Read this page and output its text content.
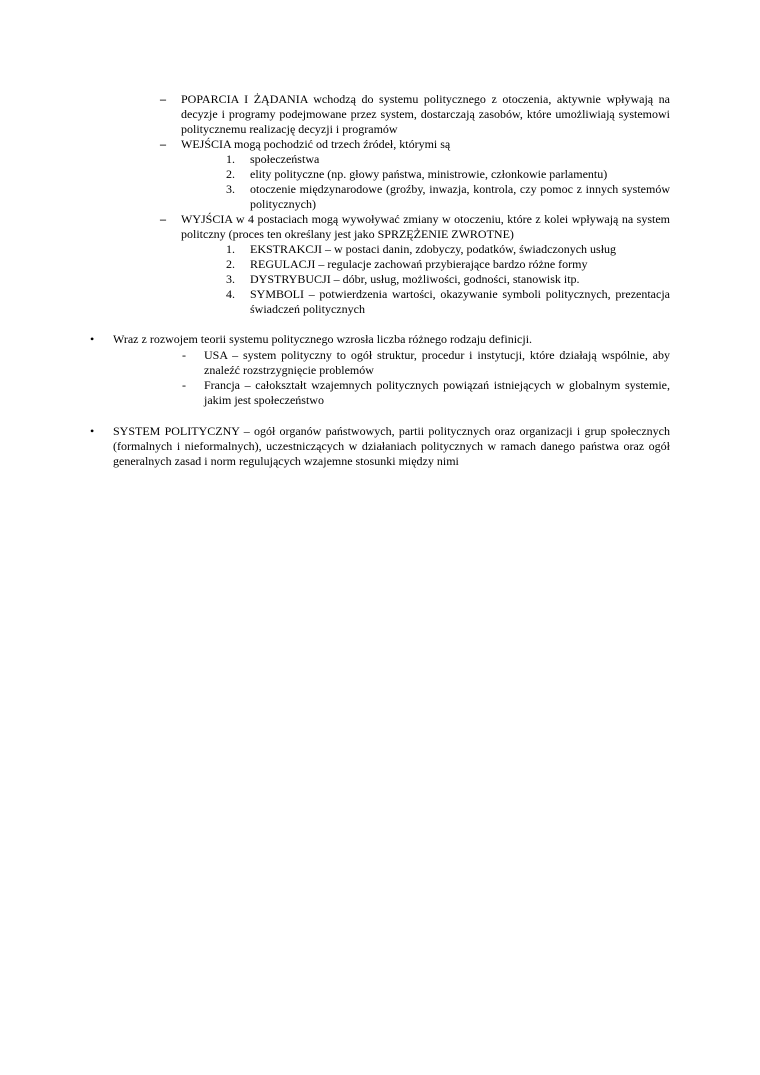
– POPARCIA I ŻĄDANIA wchodzą do systemu politycznego z otoczenia, aktywnie wpływają na decyzje i programy podejmowane przez system, dostarczają zasobów, które umożliwiają systemowi politycznemu realizację decyzji i programów
– WEJŚCIA mogą pochodzić od trzech źródeł, którymi są
1. społeczeństwa
2. elity polityczne (np. głowy państwa, ministrowie, członkowie parlamentu)
3. otoczenie międzynarodowe (groźby, inwazja, kontrola, czy pomoc z innych systemów politycznych)
– WYJŚCIA w 4 postaciach mogą wywoływać zmiany w otoczeniu, które z kolei wpływają na system politczny (proces ten określany jest jako SPRZĘŻENIE ZWROTNE)
1. EKSTRAKCJI – w postaci danin, zdobyczy, podatków, świadczonych usług
2. REGULACJI – regulacje zachowań przybierające bardzo różne formy
3. DYSTRYBUCJI – dóbr, usług, możliwości, godności, stanowisk itp.
4. SYMBOLI – potwierdzenia wartości, okazywanie symboli politycznych, prezentacja świadczeń politycznych
• Wraz z rozwojem teorii systemu politycznego wzrosła liczba różnego rodzaju definicji.
- USA – system polityczny to ogół struktur, procedur i instytucji, które działają wspólnie, aby znaleźć rozstrzygnięcie problemów
- Francja – całokształt wzajemnych politycznych powiązań istniejących w globalnym systemie, jakim jest społeczeństwo
• SYSTEM POLITYCZNY – ogół organów państwowych, partii politycznych oraz organizacji i grup społecznych (formalnych i nieformalnych), uczestniczących w działaniach politycznych w ramach danego państwa oraz ogół generalnych zasad i norm regulujących wzajemne stosunki między nimi
